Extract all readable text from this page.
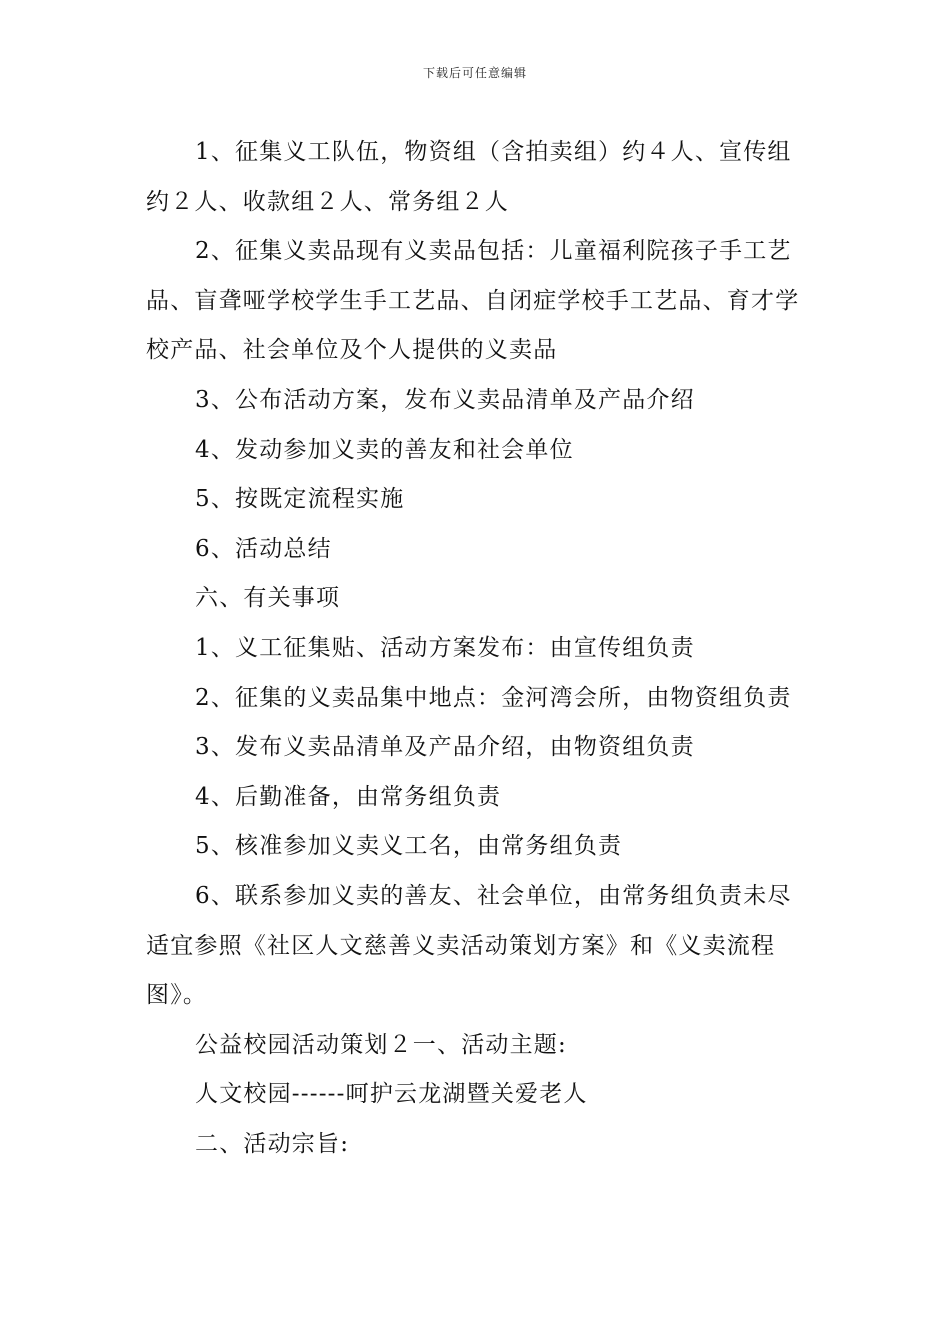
下载后可任意编辑

1、征集义工队伍，物资组（含拍卖组）约４人、宣传组约２人、收款组２人、常务组２人

2、征集义卖品现有义卖品包括：儿童福利院孩子手工艺品、盲聋哑学校学生手工艺品、自闭症学校手工艺品、育才学校产品、社会单位及个人提供的义卖品

3、公布活动方案，发布义卖品清单及产品介绍

4、发动参加义卖的善友和社会单位

5、按既定流程实施

6、活动总结

六、有关事项

1、义工征集贴、活动方案发布：由宣传组负责

2、征集的义卖品集中地点：金河湾会所，由物资组负责

3、发布义卖品清单及产品介绍，由物资组负责

4、后勤准备，由常务组负责

5、核准参加义卖义工名，由常务组负责

6、联系参加义卖的善友、社会单位，由常务组负责未尽适宜参照《社区人文慈善义卖活动策划方案》和《义卖流程图》。

公益校园活动策划２一、活动主题:

人文校园------呵护云龙湖暨关爱老人

二、活动宗旨:
